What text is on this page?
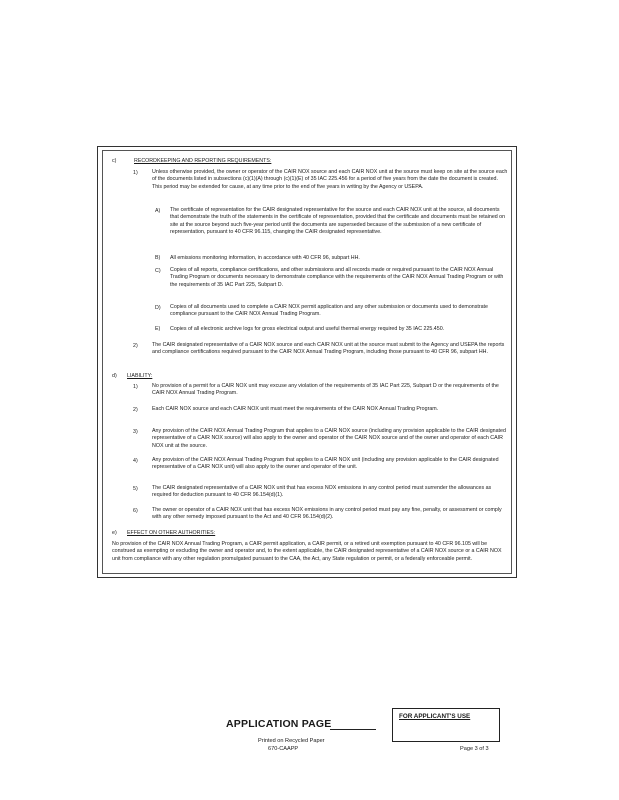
c)	RECORDKEEPING AND REPORTING REQUIREMENTS:
1)	Unless otherwise provided, the owner or operator of the CAIR NOX source and each CAIR NOX unit at the source must keep on site at the source each of the documents listed in subsections (c)(1)(A) through (c)(1)(E) of 35 IAC 225.456 for a period of five years from the date the document is created. This period may be extended for cause, at any time prior to the end of five years in writing by the Agency or USEPA.
A) The certificate of representation for the CAIR designated representative for the source and each CAIR NOX unit at the source, all documents that demonstrate the truth of the statements in the certificate of representation, provided that the certificate and documents must be retained on site at the source beyond such five-year period until the documents are superseded because of the submission of a new certificate of representation, pursuant to 40 CFR 96.115, changing the CAIR designated representative.
B) All emissions monitoring information, in accordance with 40 CFR 96, subpart HH.
C) Copies of all reports, compliance certifications, and other submissions and all records made or required pursuant to the CAIR NOX Annual Trading Program or documents necessary to demonstrate compliance with the requirements of the CAIR NOX Annual Trading Program or with the requirements of 35 IAC Part 225, Subpart D.
D) Copies of all documents used to complete a CAIR NOX permit application and any other submission or documents used to demonstrate compliance pursuant to the CAIR NOX Annual Trading Program.
E) Copies of all electronic archive logs for gross electrical output and useful thermal energy required by 35 IAC 225.450.
2)	The CAIR designated representative of a CAIR NOX source and each CAIR NOX unit at the source must submit to the Agency and USEPA the reports and compliance certifications required pursuant to the CAIR NOX Annual Trading Program, including those pursuant to 40 CFR 96, subpart HH.
d) LIABILITY:
1)	No provision of a permit for a CAIR NOX unit may excuse any violation of the requirements of 35 IAC Part 225, Subpart D or the requirements of the CAIR NOX Annual Trading Program.
2)	Each CAIR NOX source and each CAIR NOX unit must meet the requirements of the CAIR NOX Annual Trading Program.
3)	Any provision of the CAIR NOX Annual Trading Program that applies to a CAIR NOX source (including any provision applicable to the CAIR designated representative of a CAIR NOX source) will also apply to the owner and operator of the CAIR NOX source and of the owner and operator of each CAIR NOX unit at the source.
4)	Any provision of the CAIR NOX Annual Trading Program that applies to a CAIR NOX unit (including any provision applicable to the CAIR designated representative of a CAIR NOX unit) will also apply to the owner and operator of the unit.
5)	The CAIR designated representative of a CAIR NOX unit that has excess NOX emissions in any control period must surrender the allowances as required for deduction pursuant to 40 CFR 96.154(d)(1).
6)	The owner or operator of a CAIR NOX unit that has excess NOX emissions in any control period must pay any fine, penalty, or assessment or comply with any other remedy imposed pursuant to the Act and 40 CFR 96.154(d)(2).
e) EFFECT ON OTHER AUTHORITIES:
No provision of the CAIR NOX Annual Trading Program, a CAIR permit application, a CAIR permit, or a retired unit exemption pursuant to 40 CFR 96.105 will be construed as exempting or excluding the owner and operator and, to the extent applicable, the CAIR designated representative of a CAIR NOX source or a CAIR NOX unit from compliance with any other regulation promulgated pursuant to the CAA, the Act, any State regulation or permit, or a federally enforceable permit.
APPLICATION PAGE
FOR APPLICANT'S USE
Printed on Recycled Paper
670-CAAPP	Page 3 of 3
